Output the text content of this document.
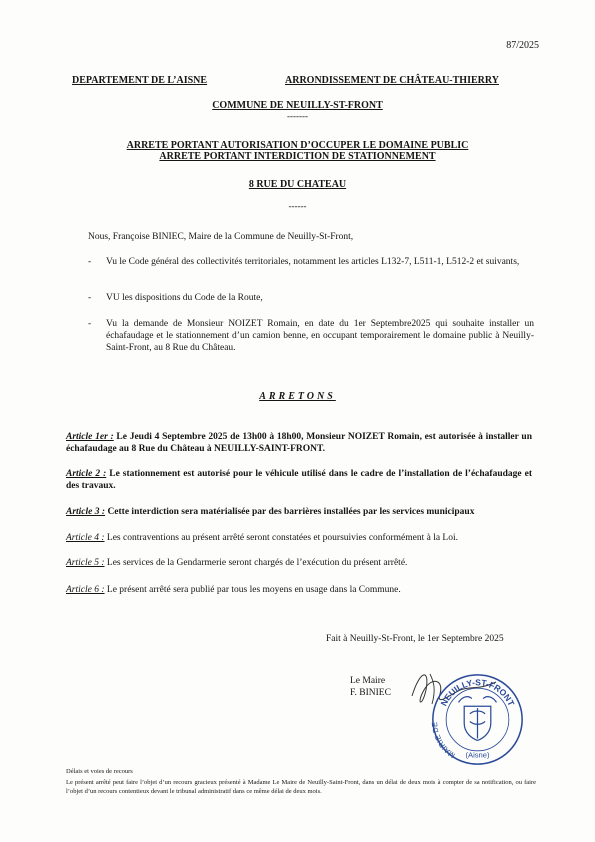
87/2025
DEPARTEMENT DE L’AISNE	ARRONDISSEMENT DE CHÂTEAU-THIERRY
COMMUNE DE NEUILLY-ST-FRONT
-------
ARRETE PORTANT AUTORISATION D’OCCUPER LE DOMAINE PUBLIC
ARRETE PORTANT INTERDICTION DE STATIONNEMENT
8 RUE DU CHATEAU
------
Nous, Françoise BINIEC, Maire de la Commune de Neuilly-St-Front,
-	Vu le Code général des collectivités territoriales, notamment les articles L132-7, L511-1, L512-2 et suivants,
-	VU les dispositions du Code de la Route,
-	Vu la demande de Monsieur NOIZET Romain, en date du 1er Septembre2025 qui souhaite installer un échafaudage et le stationnement d’un camion benne, en occupant temporairement le domaine public à Neuilly-Saint-Front, au 8 Rue du Château.
ARRETONS
Article 1er : Le Jeudi 4 Septembre 2025 de 13h00 à 18h00, Monsieur NOIZET Romain, est autorisée à installer un échafaudage au 8 Rue du Château à NEUILLY-SAINT-FRONT.
Article 2 : Le stationnement est autorisé pour le véhicule utilisé dans le cadre de l’installation de l’échafaudage et des travaux.
Article 3 : Cette interdiction sera matérialisée par des barrières installées par les services municipaux
Article 4 : Les contraventions au présent arrêté seront constatées et poursuivies conformément à la Loi.
Article 5 : Les services de la Gendarmerie seront chargés de l’exécution du présent arrêté.
Article 6 : Le présent arrêté sera publié par tous les moyens en usage dans la Commune.
Fait à Neuilly-St-Front, le 1er Septembre 2025
Le Maire
F. BINIEC
NEUILLY-ST-FRONT
MAIRIE DE
(Aisne)
Délais et voies de recours
Le présent arrêté peut faire l’objet d’un recours gracieux présenté à Madame Le Maire de Neuilly-Saint-Front, dans un délai de deux mois à compter de sa notification, ou faire l’objet d’un recours contentieux devant le tribunal administratif dans ce même délai de deux mois.
